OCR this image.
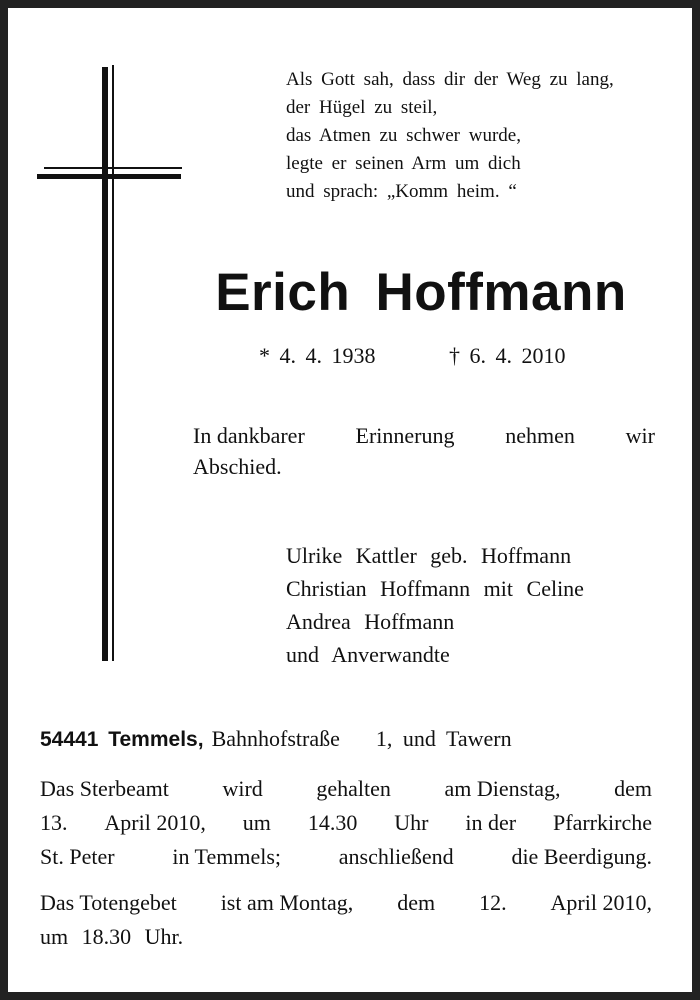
Als Gott sah, dass dir der Weg zu lang,
der Hügel zu steil,
das Atmen zu schwer wurde,
legte er seinen Arm um dich
und sprach: „Komm heim. “
Erich Hoffmann
* 4. 4. 1938	† 6. 4. 2010
In dankbarer Erinnerung nehmen wir
Abschied.
Ulrike Kattler geb. Hoffmann
Christian Hoffmann mit Celine
Andrea Hoffmann
und Anverwandte
54441 Temmels, Bahnhofstraße 1, und Tawern
Das Sterbeamt wird gehalten am Dienstag, dem
13. April 2010, um 14.30 Uhr in der Pfarrkirche
St. Peter	in Temmels;	anschließend	die Beerdigung.
Das Totengebet ist am Montag, dem 12. April 2010,
um 18.30 Uhr.
